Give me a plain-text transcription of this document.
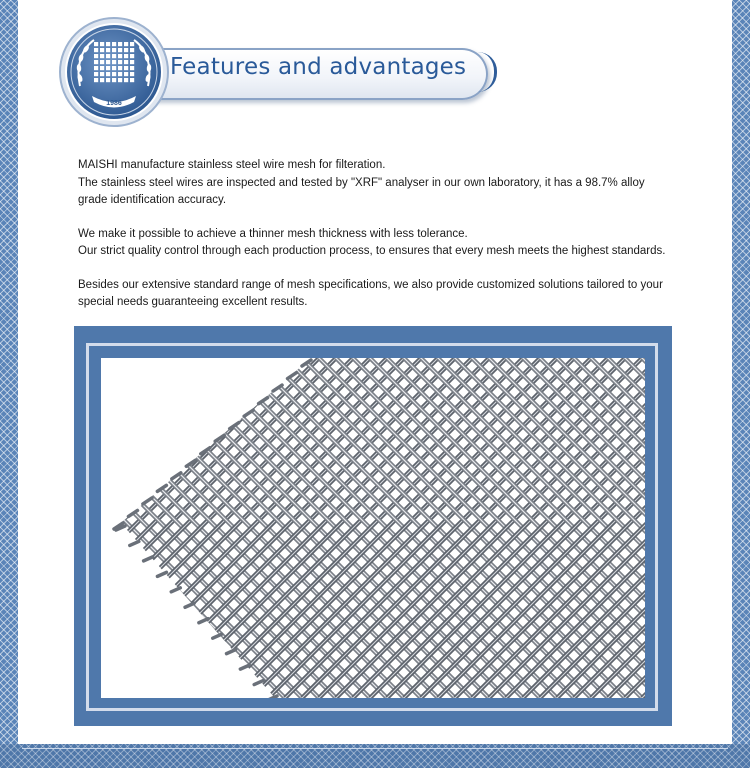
Features and advantages
1986

MAISHI manufacture stainless steel wire mesh for filteration.
The stainless steel wires are inspected and tested by "XRF" analyser in our own laboratory, it has a 98.7% alloy grade identification accuracy.

We make it possible to achieve a thinner mesh thickness with less tolerance.
Our strict quality control through each production process, to ensures that every mesh meets the highest standards.

Besides our extensive standard range of mesh specifications, we also provide customized solutions tailored to your special needs guaranteeing excellent results.
